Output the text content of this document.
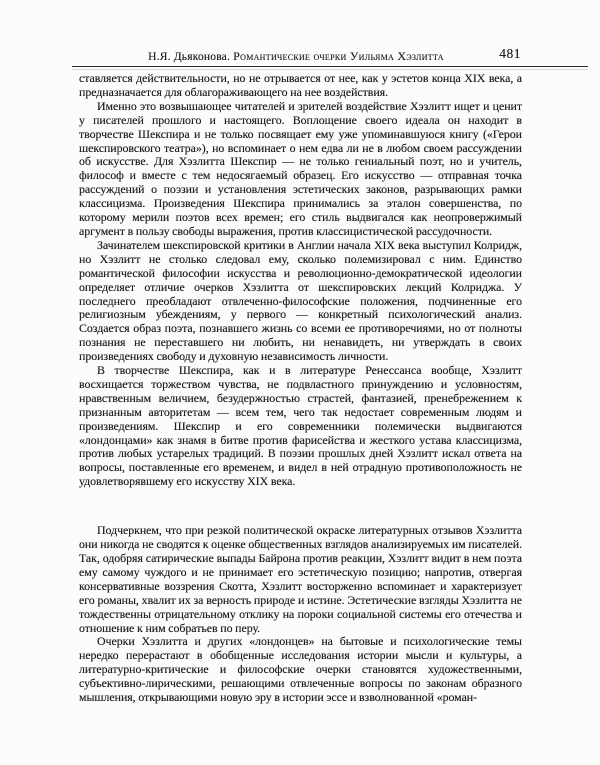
Н.Я. Дьяконова. Романтические очерки Уильяма Хэзлитта	481

ставляется действительности, но не отрывается от нее, как у эстетов конца XIX века, а предназначается для облагораживающего на нее воздействия.

Именно это возвышающее читателей и зрителей воздействие Хэзлитт ищет и ценит у писателей прошлого и настоящего. Воплощение своего идеала он находит в творчестве Шекспира и не только посвящает ему уже упоминавшуюся книгу («Герои шекспировского театра»), но вспоминает о нем едва ли не в любом своем рассуждении об искусстве. Для Хэзлитта Шекспир — не только гениальный поэт, но и учитель, философ и вместе с тем недосягаемый образец. Его искусство — отправная точка рассуждений о поэзии и установления эстетических законов, разрывающих рамки классицизма. Произведения Шекспира принимались за эталон совершенства, по которому мерили поэтов всех времен; его стиль выдвигался как неопровержимый аргумент в пользу свободы выражения, против классицистической рассудочности.

Зачинателем шекспировской критики в Англии начала XIX века выступил Колридж, но Хэзлитт не столько следовал ему, сколько полемизировал с ним. Единство романтической философии искусства и революционно-демократической идеологии определяет отличие очерков Хэзлитта от шекспировских лекций Колриджа. У последнего преобладают отвлеченно-философские положения, подчиненные его религиозным убеждениям, у первого — конкретный психологический анализ. Создается образ поэта, познавшего жизнь со всеми ее противоречиями, но от полноты познания не переставшего ни любить, ни ненавидеть, ни утверждать в своих произведениях свободу и духовную независимость личности.

В творчестве Шекспира, как и в литературе Ренессанса вообще, Хэзлитт восхищается торжеством чувства, не подвластного принуждению и условностям, нравственным величием, безудержностью страстей, фантазией, пренебрежением к признанным авторитетам — всем тем, чего так недостает современным людям и произведениям. Шекспир и его современники полемически выдвигаются «лондонцами» как знамя в битве против фарисейства и жесткого устава классицизма, против любых устарелых традиций. В поэзии прошлых дней Хэзлитт искал ответа на вопросы, поставленные его временем, и видел в ней отрадную противоположность не удовлетворявшему его искусству XIX века.

Подчеркнем, что при резкой политической окраске литературных отзывов Хэзлитта они никогда не сводятся к оценке общественных взглядов анализируемых им писателей. Так, одобряя сатирические выпады Байрона против реакции, Хэзлитт видит в нем поэта ему самому чуждого и не принимает его эстетическую позицию; напротив, отвергая консервативные воззрения Скотта, Хэзлитт восторженно вспоминает и характеризует его романы, хвалит их за верность природе и истине. Эстетические взгляды Хэзлитта не тождественны отрицательному отклику на пороки социальной системы его отечества и отношение к ним собратьев по перу.

Очерки Хэзлитта и других «лондонцев» на бытовые и психологические темы нередко перерастают в обобщенные исследования истории мысли и культуры, а литературно-критические и философские очерки становятся художественными, субъективно-лирическими, решающими отвлеченные вопросы по законам образного мышления, открывающими новую эру в истории эссе и взволнованной «роман-
